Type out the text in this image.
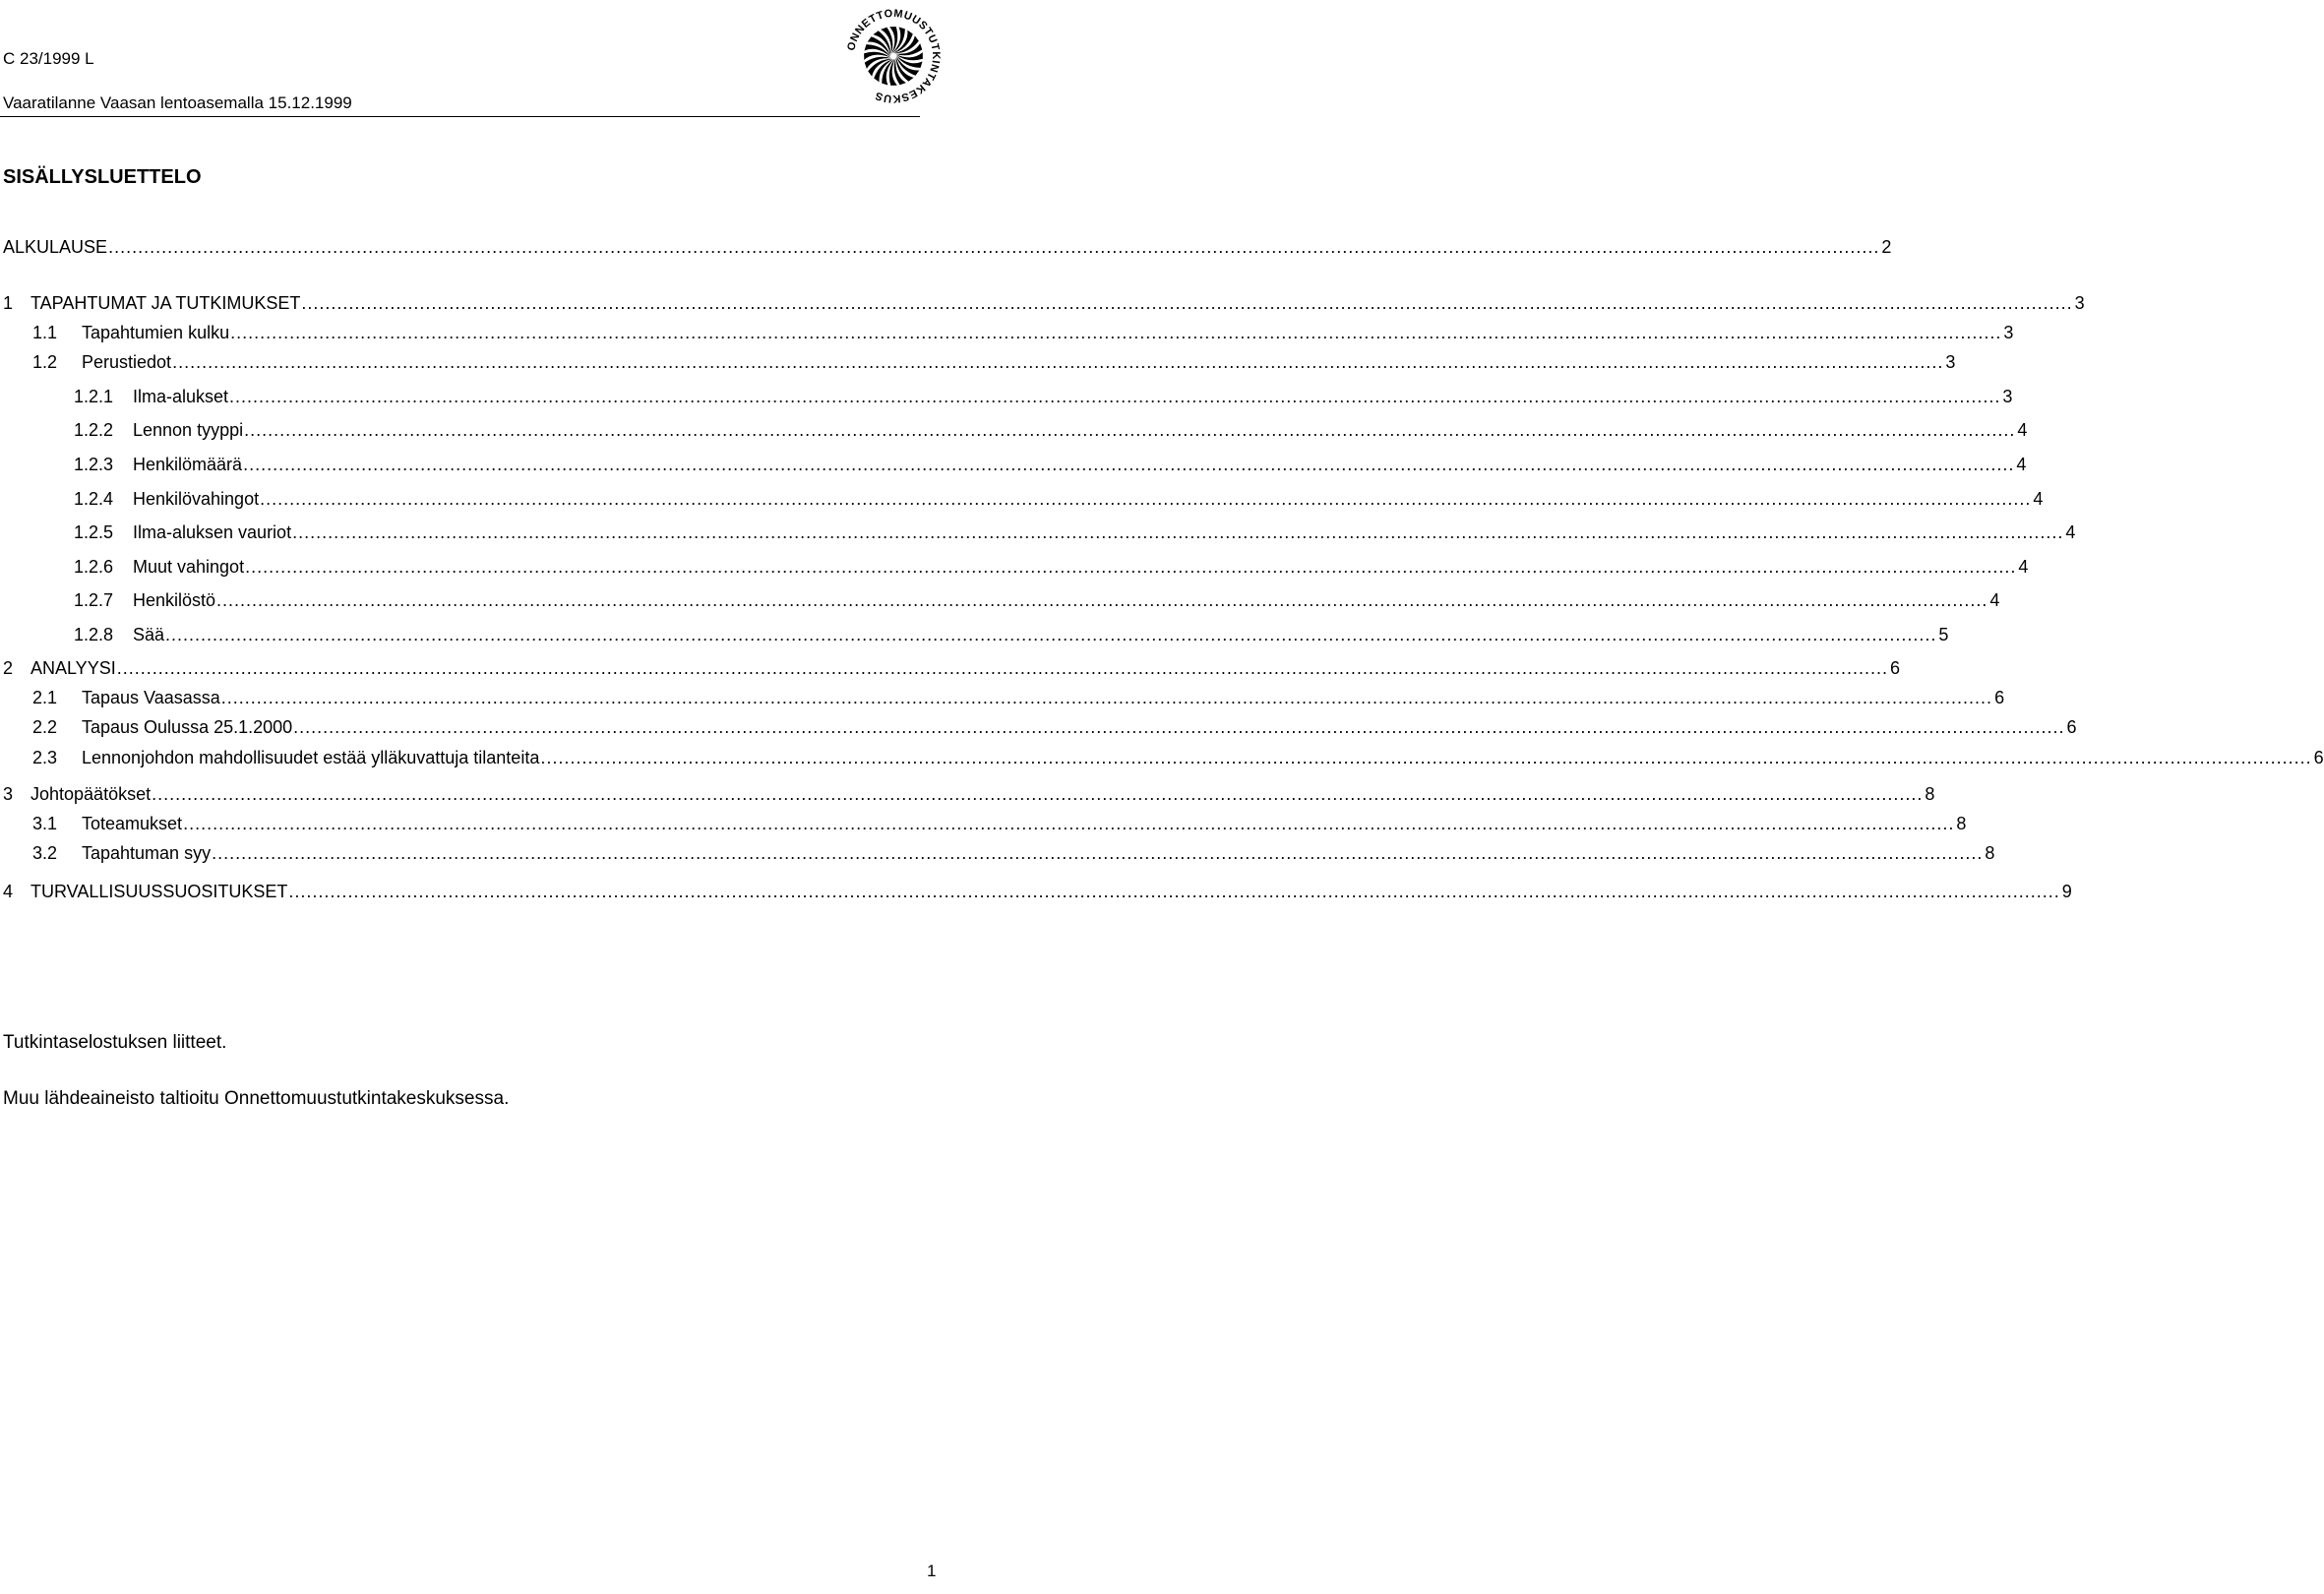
C 23/1999 L
Vaaratilanne Vaasan lentoasemalla 15.12.1999
ONNETTOMUUSTUTKINTAKESKUS
SISÄLLYSLUETTELO
ALKULAUSE ............................................................................................................................................................................................................................................................................................................ 2
1 TAPAHTUMAT JA TUTKIMUKSET ............................................................................................................................................................................................................................................................................................................ 3
1.1	Tapahtumien kulku ............................................................................................................................................................................................................................................................................................................ 3
1.2	Perustiedot ............................................................................................................................................................................................................................................................................................................ 3
1.2.1	Ilma-alukset ............................................................................................................................................................................................................................................................................................................ 3
1.2.2	Lennon tyyppi ............................................................................................................................................................................................................................................................................................................ 4
1.2.3	Henkilömäärä ............................................................................................................................................................................................................................................................................................................ 4
1.2.4	Henkilövahingot ............................................................................................................................................................................................................................................................................................................ 4
1.2.5	Ilma-aluksen vauriot ............................................................................................................................................................................................................................................................................................................ 4
1.2.6	Muut vahingot ............................................................................................................................................................................................................................................................................................................ 4
1.2.7	Henkilöstö ............................................................................................................................................................................................................................................................................................................ 4
1.2.8	Sää ............................................................................................................................................................................................................................................................................................................ 5
2 ANALYYSI ............................................................................................................................................................................................................................................................................................................ 6
2.1	Tapaus Vaasassa ............................................................................................................................................................................................................................................................................................................ 6
2.2	Tapaus Oulussa 25.1.2000 ............................................................................................................................................................................................................................................................................................................ 6
2.3	Lennonjohdon mahdollisuudet estää ylläkuvattuja tilanteita ............................................................................................................................................................................................................................................................................................................ 6
3 Johtopäätökset ............................................................................................................................................................................................................................................................................................................ 8
3.1	Toteamukset ............................................................................................................................................................................................................................................................................................................ 8
3.2	Tapahtuman syy ............................................................................................................................................................................................................................................................................................................ 8
4 TURVALLISUUSSUOSITUKSET ............................................................................................................................................................................................................................................................................................................ 9
Tutkintaselostuksen liitteet.
Muu lähdeaineisto taltioitu Onnettomuustutkintakeskuksessa.
1
